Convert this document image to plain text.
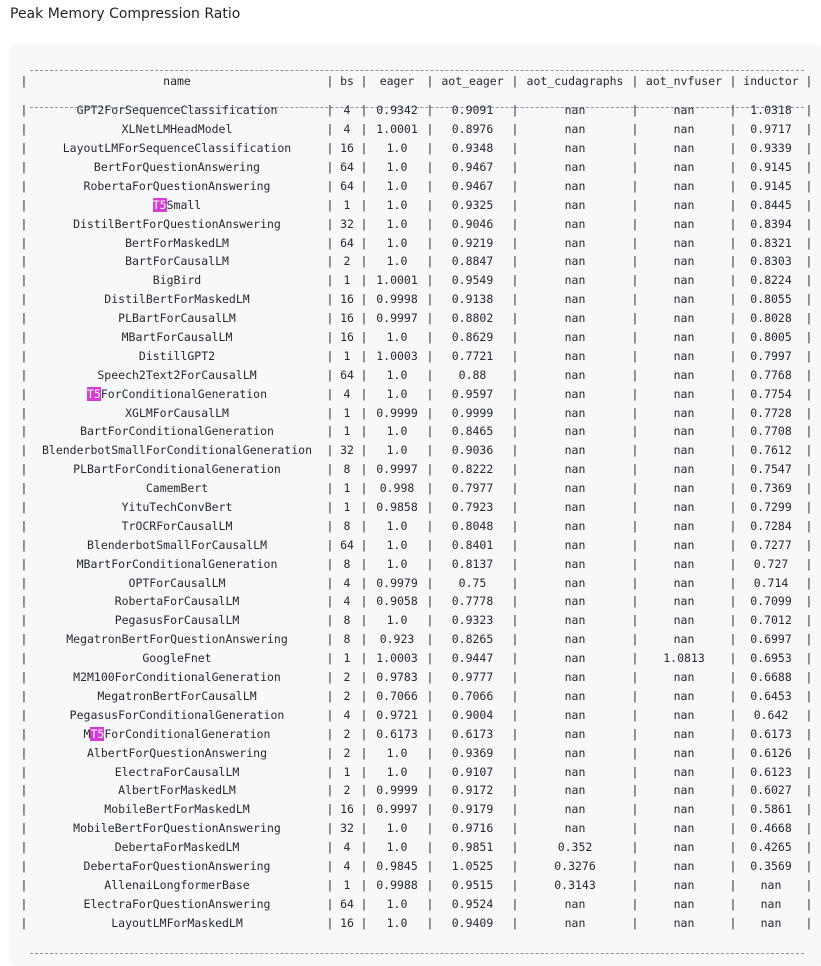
Peak Memory Compression Ratio

|	name	|	bs	|	eager	|	aot_eager	|	aot_cudagraphs	|	aot_nvfuser	|	inductor	|

|	GPT2ForSequenceClassification	|	4	|	0.9342	|	0.9091	|	nan	|	nan	|	1.0318	|
|	XLNetLMHeadModel	|	4	|	1.0001	|	0.8976	|	nan	|	nan	|	0.9717	|
|	LayoutLMForSequenceClassification	|	16	|	1.0	|	0.9348	|	nan	|	nan	|	0.9339	|
|	BertForQuestionAnswering	|	64	|	1.0	|	0.9467	|	nan	|	nan	|	0.9145	|
|	RobertaForQuestionAnswering	|	64	|	1.0	|	0.9467	|	nan	|	nan	|	0.9145	|
|	T5Small	|	1	|	1.0	|	0.9325	|	nan	|	nan	|	0.8445	|
|	DistilBertForQuestionAnswering	|	32	|	1.0	|	0.9046	|	nan	|	nan	|	0.8394	|
|	BertForMaskedLM	|	64	|	1.0	|	0.9219	|	nan	|	nan	|	0.8321	|
|	BartForCausalLM	|	2	|	1.0	|	0.8847	|	nan	|	nan	|	0.8303	|
|	BigBird	|	1	|	1.0001	|	0.9549	|	nan	|	nan	|	0.8224	|
|	DistilBertForMaskedLM	|	16	|	0.9998	|	0.9138	|	nan	|	nan	|	0.8055	|
|	PLBartForCausalLM	|	16	|	0.9997	|	0.8802	|	nan	|	nan	|	0.8028	|
|	MBartForCausalLM	|	16	|	1.0	|	0.8629	|	nan	|	nan	|	0.8005	|
|	DistillGPT2	|	1	|	1.0003	|	0.7721	|	nan	|	nan	|	0.7997	|
|	Speech2Text2ForCausalLM	|	64	|	1.0	|	0.88	|	nan	|	nan	|	0.7768	|
|	T5ForConditionalGeneration	|	4	|	1.0	|	0.9597	|	nan	|	nan	|	0.7754	|
|	XGLMForCausalLM	|	1	|	0.9999	|	0.9999	|	nan	|	nan	|	0.7728	|
|	BartForConditionalGeneration	|	1	|	1.0	|	0.8465	|	nan	|	nan	|	0.7708	|
|	BlenderbotSmallForConditionalGeneration	|	32	|	1.0	|	0.9036	|	nan	|	nan	|	0.7612	|
|	PLBartForConditionalGeneration	|	8	|	0.9997	|	0.8222	|	nan	|	nan	|	0.7547	|
|	CamemBert	|	1	|	0.998	|	0.7977	|	nan	|	nan	|	0.7369	|
|	YituTechConvBert	|	1	|	0.9858	|	0.7923	|	nan	|	nan	|	0.7299	|
|	TrOCRForCausalLM	|	8	|	1.0	|	0.8048	|	nan	|	nan	|	0.7284	|
|	BlenderbotSmallForCausalLM	|	64	|	1.0	|	0.8401	|	nan	|	nan	|	0.7277	|
|	MBartForConditionalGeneration	|	8	|	1.0	|	0.8137	|	nan	|	nan	|	0.727	|
|	OPTForCausalLM	|	4	|	0.9979	|	0.75	|	nan	|	nan	|	0.714	|
|	RobertaForCausalLM	|	4	|	0.9058	|	0.7778	|	nan	|	nan	|	0.7099	|
|	PegasusForCausalLM	|	8	|	1.0	|	0.9323	|	nan	|	nan	|	0.7012	|
|	MegatronBertForQuestionAnswering	|	8	|	0.923	|	0.8265	|	nan	|	nan	|	0.6997	|
|	GoogleFnet	|	1	|	1.0003	|	0.9447	|	nan	|	1.0813	|	0.6953	|
|	M2M100ForConditionalGeneration	|	2	|	0.9783	|	0.9777	|	nan	|	nan	|	0.6688	|
|	MegatronBertForCausalLM	|	2	|	0.7066	|	0.7066	|	nan	|	nan	|	0.6453	|
|	PegasusForConditionalGeneration	|	4	|	0.9721	|	0.9004	|	nan	|	nan	|	0.642	|
|	MT5ForConditionalGeneration	|	2	|	0.6173	|	0.6173	|	nan	|	nan	|	0.6173	|
|	AlbertForQuestionAnswering	|	2	|	1.0	|	0.9369	|	nan	|	nan	|	0.6126	|
|	ElectraForCausalLM	|	1	|	1.0	|	0.9107	|	nan	|	nan	|	0.6123	|
|	AlbertForMaskedLM	|	2	|	0.9999	|	0.9172	|	nan	|	nan	|	0.6027	|
|	MobileBertForMaskedLM	|	16	|	0.9997	|	0.9179	|	nan	|	nan	|	0.5861	|
|	MobileBertForQuestionAnswering	|	32	|	1.0	|	0.9716	|	nan	|	nan	|	0.4668	|
|	DebertaForMaskedLM	|	4	|	1.0	|	0.9851	|	0.352	|	nan	|	0.4265	|
|	DebertaForQuestionAnswering	|	4	|	0.9845	|	1.0525	|	0.3276	|	nan	|	0.3569	|
|	AllenaiLongformerBase	|	1	|	0.9988	|	0.9515	|	0.3143	|	nan	|	nan	|
|	ElectraForQuestionAnswering	|	64	|	1.0	|	0.9524	|	nan	|	nan	|	nan	|
|	LayoutLMForMaskedLM	|	16	|	1.0	|	0.9409	|	nan	|	nan	|	nan	|
